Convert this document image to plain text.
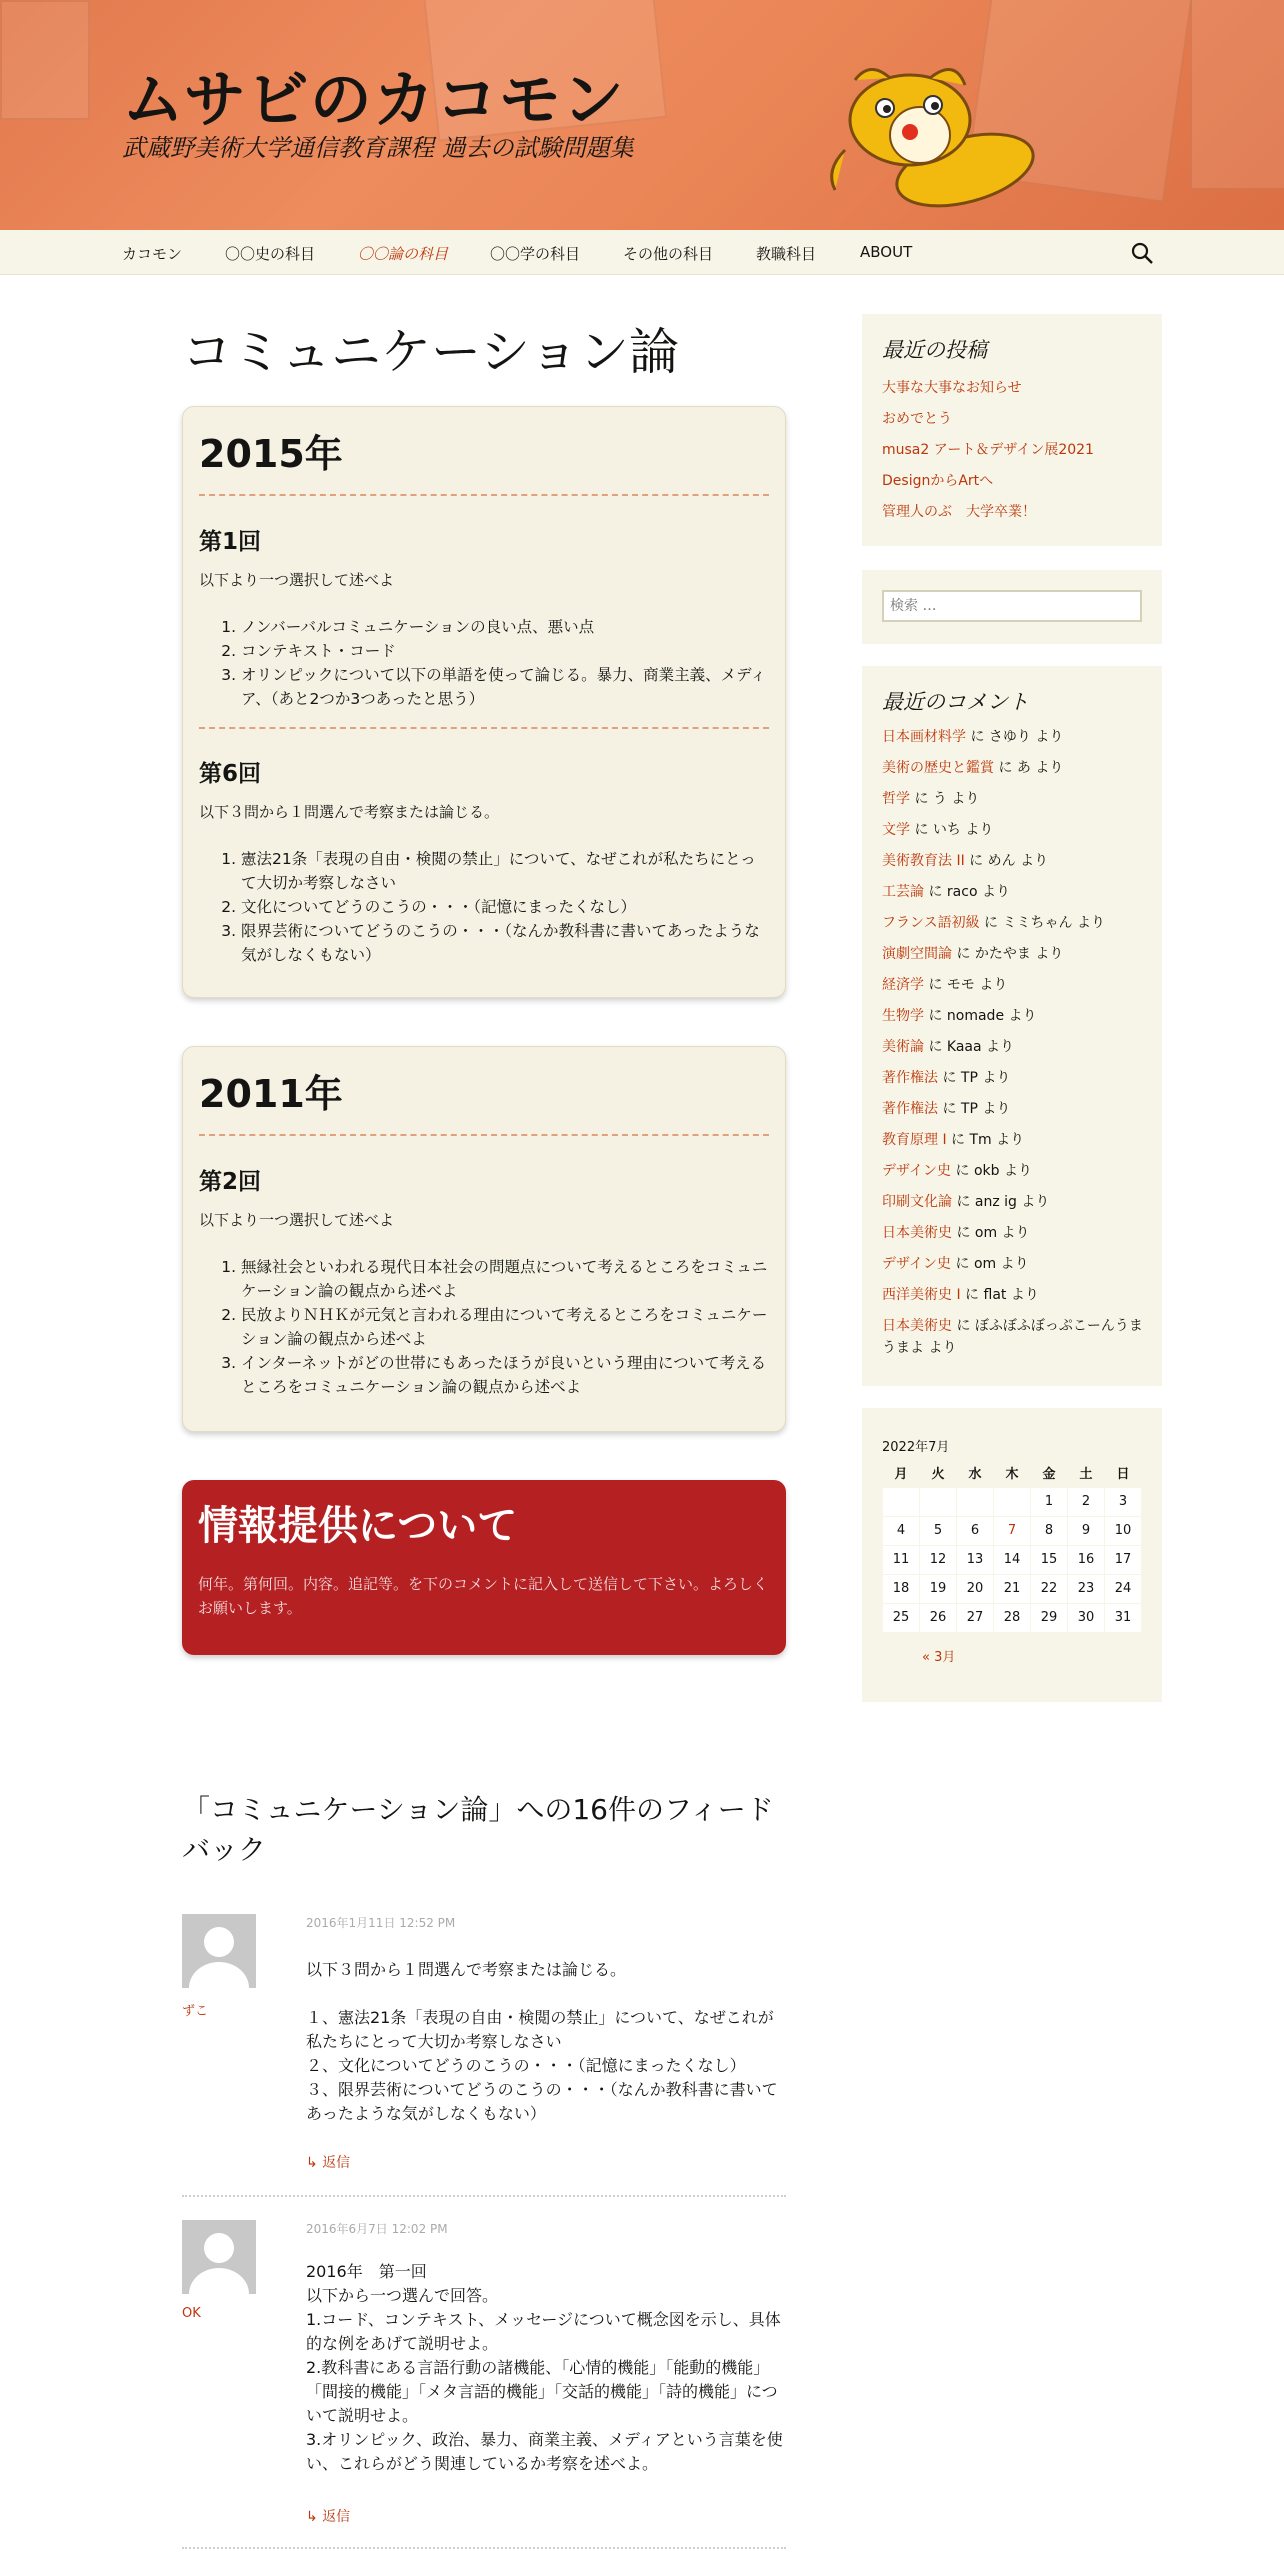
ムサビのカコモン
武蔵野美術大学通信教育課程 過去の試験問題集
カコモン	〇〇史の科目	〇〇論の科目	〇〇学の科目	その他の科目	教職科目	ABOUT
コミュニケーション論
2015年
第1回
以下より一つ選択して述べよ
1. ノンバーバルコミュニケーションの良い点、悪い点
2. コンテキスト・コード
3. オリンピックについて以下の単語を使って論じる。暴力、商業主義、メディア、（あと2つか3つあったと思う）
第6回
以下３問から１問選んで考察または論じる。
1. 憲法21条「表現の自由・検閲の禁止」について、なぜこれが私たちにとって大切か考察しなさい
2. 文化についてどうのこうの・・・（記憶にまったくなし）
3. 限界芸術についてどうのこうの・・・（なんか教科書に書いてあったような気がしなくもない）
2011年
第2回
以下より一つ選択して述べよ
1. 無縁社会といわれる現代日本社会の問題点について考えるところをコミュニケーション論の観点から述べよ
2. 民放よりＮＨＫが元気と言われる理由について考えるところをコミュニケーション論の観点から述べよ
3. インターネットがどの世帯にもあったほうが良いという理由について考えるところをコミュニケーション論の観点から述べよ
情報提供について
何年。第何回。内容。追記等。を下のコメントに記入して送信して下さい。よろしくお願いします。
「コミュニケーション論」への16件のフィードバック
ずこ
2016年1月11日 12:52 PM
以下３問から１問選んで考察または論じる。
１、憲法21条「表現の自由・検閲の禁止」について、なぜこれが私たちにとって大切か考察しなさい
２、文化についてどうのこうの・・・（記憶にまったくなし）
３、限界芸術についてどうのこうの・・・（なんか教科書に書いてあったような気がしなくもない）
↳ 返信
OK
2016年6月7日 12:02 PM
2016年　第一回
以下から一つ選んで回答。
1.コード、コンテキスト、メッセージについて概念図を示し、具体的な例をあげて説明せよ。
2.教科書にある言語行動の諸機能、「心情的機能」「能動的機能」「間接的機能」「メタ言語的機能」「交話的機能」「詩的機能」について説明せよ。
3.オリンピック、政治、暴力、商業主義、メディアという言葉を使い、これらがどう関連しているか考察を述べよ。
↳ 返信
最近の投稿
大事な大事なお知らせ
おめでとう
musa2 アート＆デザイン展2021
DesignからArtへ
管理人のぶ　大学卒業！
検索 …
最近のコメント
日本画材料学 に さゆり より
美術の歴史と鑑賞 に あ より
哲学 に う より
文学 に いち より
美術教育法 II に めん より
工芸論 に raco より
フランス語初級 に ミミちゃん より
演劇空間論 に かたやま より
経済学 に モモ より
生物学 に nomade より
美術論 に Kaaa より
著作権法 に TP より
著作権法 に TP より
教育原理 I に Tm より
デザイン史 に okb より
印刷文化論 に anz ig より
日本美術史 に om より
デザイン史 に om より
西洋美術史 I に flat より
日本美術史 に ぼふぼふぼっぷこーんうまうまよ より
2022年7月
月	火	水	木	金	土	日
				1	2	3
4	5	6	7	8	9	10
11	12	13	14	15	16	17
18	19	20	21	22	23	24
25	26	27	28	29	30	31
« 3月
